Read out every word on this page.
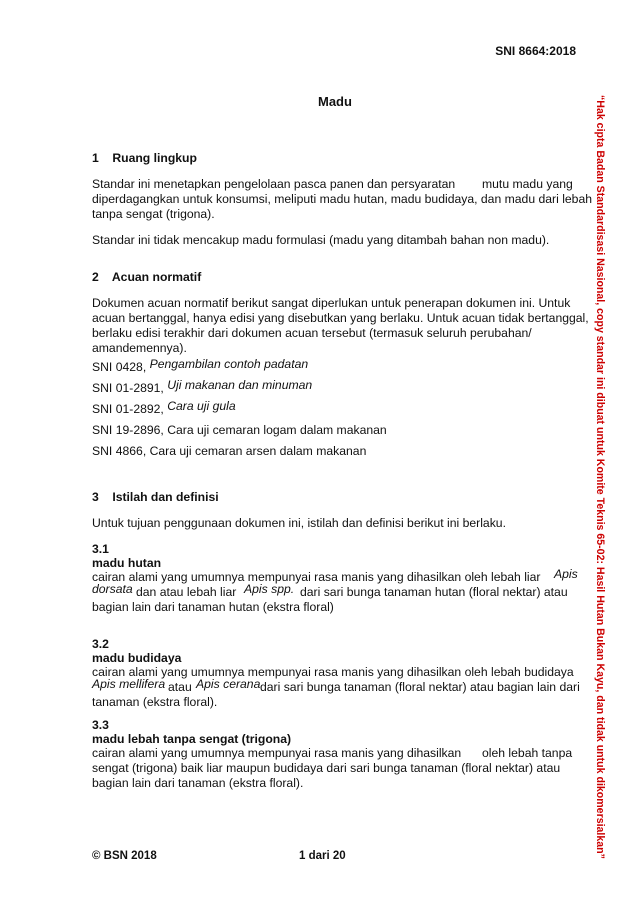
SNI 8664:2018
Madu	“Hak cipta Badan Standardisasi Nasional, copy standar ini dibuat untuk Komite Teknis 65-02: Hasil Hutan Bukan Kayu, dan tidak untuk dikomersialkan”
1    Ruang lingkup
Standar ini menetapkan pengelolaan pasca panen dan persyaratan mutu madu yang
diperdagangkan untuk konsumsi, meliputi madu hutan, madu budidaya, dan madu dari lebah
tanpa sengat (trigona).
Standar ini tidak mencakup madu formulasi (madu yang ditambah bahan non madu).
2    Acuan normatif
Dokumen acuan normatif berikut sangat diperlukan untuk penerapan dokumen ini. Untuk
acuan bertanggal, hanya edisi yang disebutkan yang berlaku. Untuk acuan tidak bertanggal,
berlaku edisi terakhir dari dokumen acuan tersebut (termasuk seluruh perubahan/
amandemennya).
SNI 0428, Pengambilan contoh padatan
SNI 01-2891, Uji makanan dan minuman
SNI 01-2892, Cara uji gula
SNI 19-2896, Cara uji cemaran logam dalam makanan
SNI 4866, Cara uji cemaran arsen dalam makanan
3    Istilah dan definisi
Untuk tujuan penggunaan dokumen ini, istilah dan definisi berikut ini berlaku.
3.1
madu hutan
cairan alami yang umumnya mempunyai rasa manis yang dihasilkan oleh lebah liar Apis
dorsata dan atau lebah liar Apis spp. dari sari bunga tanaman hutan (floral nektar) atau
bagian lain dari tanaman hutan (ekstra floral)
3.2
madu budidaya
cairan alami yang umumnya mempunyai rasa manis yang dihasilkan oleh lebah budidaya
Apis mellifera atau Apis cerana dari sari bunga tanaman (floral nektar) atau bagian lain dari
tanaman (ekstra floral).
3.3
madu lebah tanpa sengat (trigona)
cairan alami yang umumnya mempunyai rasa manis yang dihasilkan oleh lebah tanpa
sengat (trigona) baik liar maupun budidaya dari sari bunga tanaman (floral nektar) atau
bagian lain dari tanaman (ekstra floral).
© BSN 2018	1 dari 20
